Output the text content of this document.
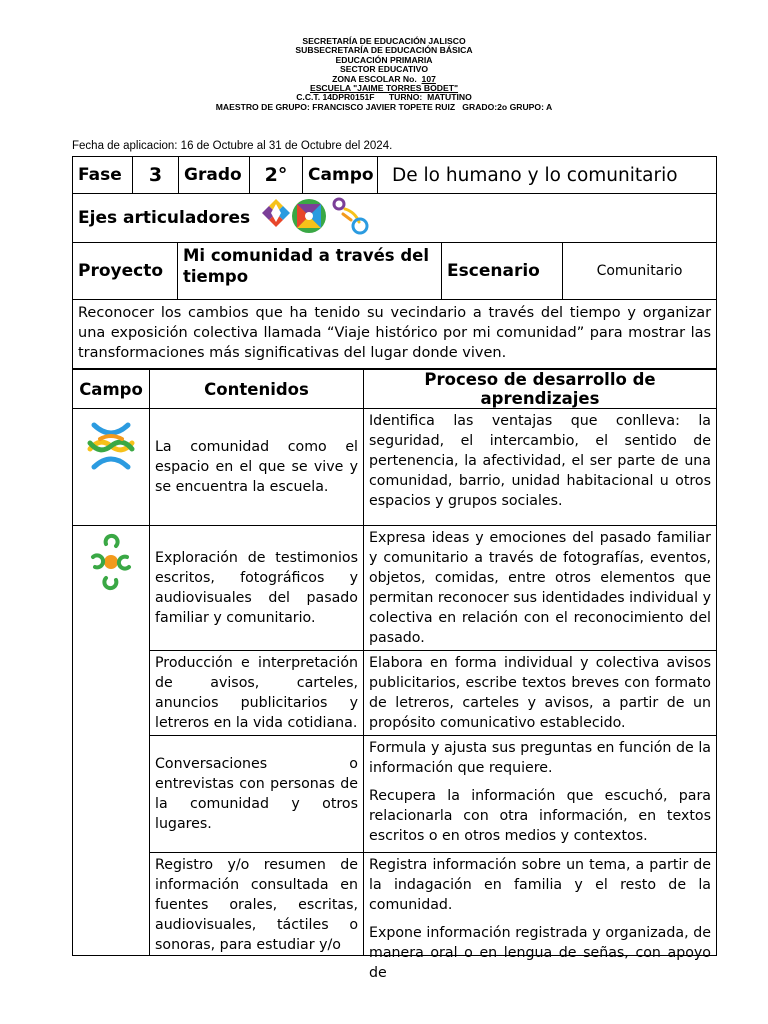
SECRETARÍA DE EDUCACIÓN JALISCO
SUBSECRETARÍA DE EDUCACIÓN BÁSICA
EDUCACIÓN PRIMARIA
SECTOR EDUCATIVO
ZONA ESCOLAR No. 107
ESCUELA "JAIME TORRES BODET"
C.C.T. 14DPR0151F      TURNO:  MATUTINO
MAESTRO DE GRUPO: FRANCISCO JAVIER TOPETE RUIZ   GRADO:2o GRUPO: A
Fecha de aplicacion: 16 de Octubre al 31 de Octubre del 2024.
Fase	3	Grado	2°	Campo	De lo humano y lo comunitario		
Ejes articuladores							
Proyecto		Mi comunidad a través del tiempo				Escenario	Comunitario
Reconocer los cambios que ha tenido su vecindario a través del tiempo y organizar una exposición colectiva llamada “Viaje histórico por mi comunidad” para mostrar las transformaciones más significativas del lugar donde viven.							
Campo	Contenidos	Proceso de desarrollo de aprendizajes
	La comunidad como el espacio en el que se vive y se encuentra la escuela.	Identifica las ventajas que conlleva: la seguridad, el intercambio, el sentido de pertenencia, la afectividad, el ser parte de una comunidad, barrio, unidad habitacional u otros espacios y grupos sociales.

	Exploración de testimonios escritos, fotográficos y audiovisuales del pasado familiar y comunitario.	Expresa ideas y emociones del pasado familiar y comunitario a través de fotografías, eventos, objetos, comidas, entre otros elementos que permitan reconocer sus identidades individual y colectiva en relación con el reconocimiento del pasado.

	Producción e interpretación de avisos, carteles, anuncios publicitarios y letreros en la vida cotidiana.	Elabora en forma individual y colectiva avisos publicitarios, escribe textos breves con formato de letreros, carteles y avisos, a partir de un propósito comunicativo establecido.

	Conversaciones o entrevistas con personas de la comunidad y otros lugares.	Formula y ajusta sus preguntas en función de la información que requiere.

Recupera la información que escuchó, para relacionarla con otra información, en textos escritos o en otros medios y contextos.

	Registro y/o resumen de información consultada en fuentes orales, escritas, audiovisuales, táctiles o sonoras, para estudiar y/o	Registra información sobre un tema, a partir de la indagación en familia y el resto de la comunidad.

Expone información registrada y organizada, de manera oral o en lengua de señas, con apoyo de
